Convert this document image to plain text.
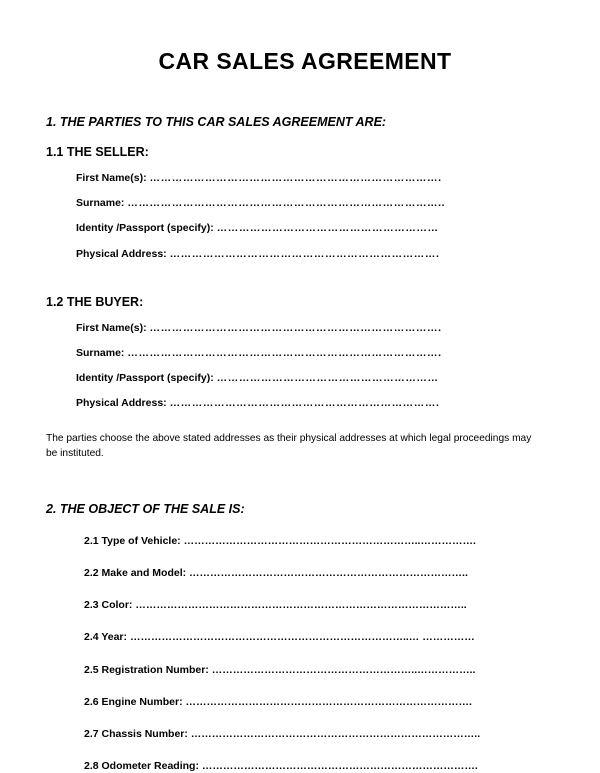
CAR SALES AGREEMENT
1. THE PARTIES TO THIS CAR SALES AGREEMENT ARE:
1.1 THE SELLER:
First Name(s): …………………………………………………………………….
Surname: …………………………………………………………………………..
Identity /Passport (specify): ……………………………………………………
Physical Address: ……………………………………………………………….
1.2 THE BUYER:
First Name(s): …………………………………………………………………….
Surname: ………………………………………………………………………….
Identity /Passport (specify): ……………………………………………………
Physical Address: ……………………………………………………………….

The parties choose the above stated addresses as their physical addresses at which legal proceedings may be instituted.

2. THE OBJECT OF THE SALE IS:
2.1 Type of Vehicle: …………………………………………………………..…………….
2.2 Make and Model: ……………………………………………………………………..
2.3 Color: …………………………………………………………………………………..
2.4 Year: ……………………………………………………………………..… ……………
2.5 Registration Number: …………………………………………………..……………..
2.6 Engine Number: ……………………………………………………………………….
2.7 Chassis Number: ………………………………………………………………………..
2.8 Odometer Reading: …………………………………………………………………….
